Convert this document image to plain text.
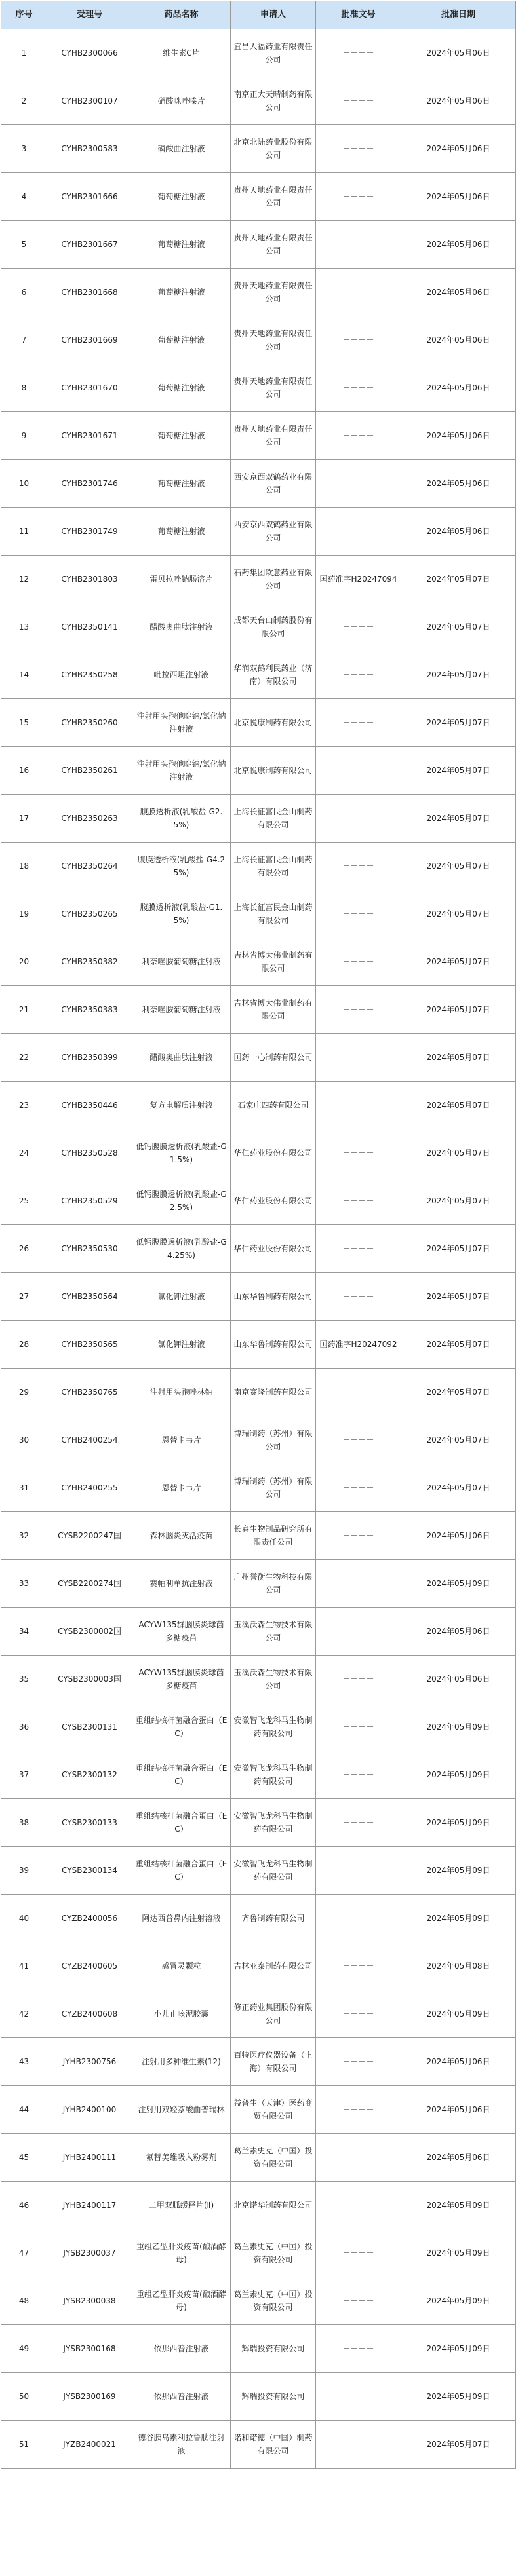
序号	受理号	药品名称	申请人	批准文号	批准日期
1	CYHB2300066	维生素C片	宜昌人福药业有限责任公司	－－－－	2024年05月06日
2	CYHB2300107	硝酸咪唑嗪片	南京正大天晴制药有限公司	－－－－	2024年05月06日
3	CYHB2300583	磷酸曲注射液	北京北陆药业股份有限公司	－－－－	2024年05月06日
4	CYHB2301666	葡萄糖注射液	贵州天地药业有限责任公司	－－－－	2024年05月06日
5	CYHB2301667	葡萄糖注射液	贵州天地药业有限责任公司	－－－－	2024年05月06日
6	CYHB2301668	葡萄糖注射液	贵州天地药业有限责任公司	－－－－	2024年05月06日
7	CYHB2301669	葡萄糖注射液	贵州天地药业有限责任公司	－－－－	2024年05月06日
8	CYHB2301670	葡萄糖注射液	贵州天地药业有限责任公司	－－－－	2024年05月06日
9	CYHB2301671	葡萄糖注射液	贵州天地药业有限责任公司	－－－－	2024年05月06日
10	CYHB2301746	葡萄糖注射液	西安京西双鹤药业有限公司	－－－－	2024年05月06日
11	CYHB2301749	葡萄糖注射液	西安京西双鹤药业有限公司	－－－－	2024年05月06日
12	CYHB2301803	雷贝拉唑钠肠溶片	石药集团欧意药业有限公司	国药准字H20247094	2024年05月07日
13	CYHB2350141	醋酸奥曲肽注射液	成都天台山制药股份有限公司	－－－－	2024年05月07日
14	CYHB2350258	吡拉西坦注射液	华润双鹤利民药业（济南）有限公司	－－－－	2024年05月07日
15	CYHB2350260	注射用头孢他啶钠/氯化钠注射液	北京悦康制药有限公司	－－－－	2024年05月07日
16	CYHB2350261	注射用头孢他啶钠/氯化钠注射液	北京悦康制药有限公司	－－－－	2024年05月07日
17	CYHB2350263	腹膜透析液(乳酸盐-G2.5%)	上海长征富民金山制药有限公司	－－－－	2024年05月07日
18	CYHB2350264	腹膜透析液(乳酸盐-G4.25%)	上海长征富民金山制药有限公司	－－－－	2024年05月07日
19	CYHB2350265	腹膜透析液(乳酸盐-G1.5%)	上海长征富民金山制药有限公司	－－－－	2024年05月07日
20	CYHB2350382	利奈唑胺葡萄糖注射液	吉林省博大伟业制药有限公司	－－－－	2024年05月07日
21	CYHB2350383	利奈唑胺葡萄糖注射液	吉林省博大伟业制药有限公司	－－－－	2024年05月07日
22	CYHB2350399	醋酸奥曲肽注射液	国药一心制药有限公司	－－－－	2024年05月07日
23	CYHB2350446	复方电解质注射液	石家庄四药有限公司	－－－－	2024年05月07日
24	CYHB2350528	低钙腹膜透析液(乳酸盐-G1.5%)	华仁药业股份有限公司	－－－－	2024年05月07日
25	CYHB2350529	低钙腹膜透析液(乳酸盐-G2.5%)	华仁药业股份有限公司	－－－－	2024年05月07日
26	CYHB2350530	低钙腹膜透析液(乳酸盐-G4.25%)	华仁药业股份有限公司	－－－－	2024年05月07日
27	CYHB2350564	氯化钾注射液	山东华鲁制药有限公司	－－－－	2024年05月07日
28	CYHB2350565	氯化钾注射液	山东华鲁制药有限公司	国药准字H20247092	2024年05月07日
29	CYHB2350765	注射用头孢唑林钠	南京赛隆制药有限公司	－－－－	2024年05月07日
30	CYHB2400254	恩替卡韦片	博瑞制药（苏州）有限公司	－－－－	2024年05月07日
31	CYHB2400255	恩替卡韦片	博瑞制药（苏州）有限公司	－－－－	2024年05月07日
32	CYSB2200247国	森林脑炎灭活疫苗	长春生物制品研究所有限责任公司	－－－－	2024年05月06日
33	CYSB2200274国	赛帕利单抗注射液	广州誉衡生物科技有限公司	－－－－	2024年05月09日
34	CYSB2300002国	ACYW135群脑膜炎球菌多糖疫苗	玉溪沃森生物技术有限公司	－－－－	2024年05月06日
35	CYSB2300003国	ACYW135群脑膜炎球菌多糖疫苗	玉溪沃森生物技术有限公司	－－－－	2024年05月06日
36	CYSB2300131	重组结核杆菌融合蛋白（EC）	安徽智飞龙科马生物制药有限公司	－－－－	2024年05月09日
37	CYSB2300132	重组结核杆菌融合蛋白（EC）	安徽智飞龙科马生物制药有限公司	－－－－	2024年05月09日
38	CYSB2300133	重组结核杆菌融合蛋白（EC）	安徽智飞龙科马生物制药有限公司	－－－－	2024年05月09日
39	CYSB2300134	重组结核杆菌融合蛋白（EC）	安徽智飞龙科马生物制药有限公司	－－－－	2024年05月09日
40	CYZB2400056	阿达西普鼻内注射溶液	齐鲁制药有限公司	－－－－	2024年05月09日
41	CYZB2400605	感冒灵颗粒	吉林亚泰制药有限公司	－－－－	2024年05月08日
42	CYZB2400608	小儿止咳泥胶囊	修正药业集团股份有限公司	－－－－	2024年05月09日
43	JYHB2300756	注射用多种维生素(12)	百特医疗仪器设备（上海）有限公司	－－－－	2024年05月06日
44	JYHB2400100	注射用双羟萘酸曲普瑞林	益普生（天津）医药商贸有限公司	－－－－	2024年05月06日
45	JYHB2400111	氟替美维吸入粉雾剂	葛兰素史克（中国）投资有限公司	－－－－	2024年05月06日
46	JYHB2400117	二甲双胍缓释片(Ⅱ)	北京诺华制药有限公司	－－－－	2024年05月09日
47	JYSB2300037	重组乙型肝炎疫苗(酿酒酵母)	葛兰素史克（中国）投资有限公司	－－－－	2024年05月09日
48	JYSB2300038	重组乙型肝炎疫苗(酿酒酵母)	葛兰素史克（中国）投资有限公司	－－－－	2024年05月09日
49	JYSB2300168	依那西普注射液	辉瑞投资有限公司	－－－－	2024年05月09日
50	JYSB2300169	依那西普注射液	辉瑞投资有限公司	－－－－	2024年05月09日
51	JYZB2400021	德谷胰岛素利拉鲁肽注射液	诺和诺德（中国）制药有限公司	－－－－	2024年05月07日
